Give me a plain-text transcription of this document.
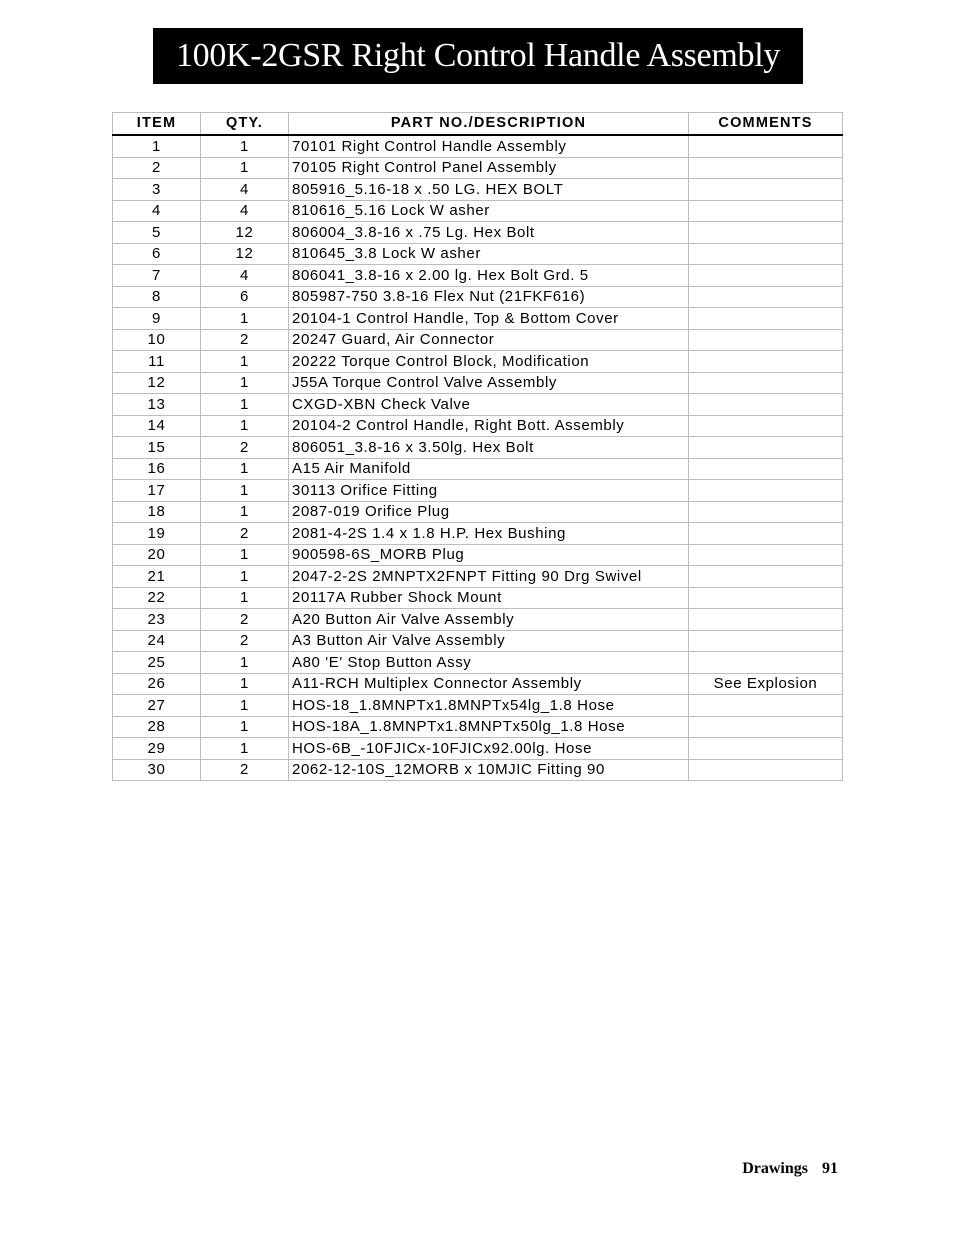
100K-2GSR Right Control Handle Assembly
ITEM	QTY.	PART NO./DESCRIPTION	COMMENTS
1	1	70101 Right Control Handle Assembly	
2	1	70105 Right Control Panel Assembly	
3	4	805916_5.16-18 x .50 LG. HEX BOLT	
4	4	810616_5.16 Lock W asher	
5	12	806004_3.8-16 x .75 Lg. Hex Bolt	
6	12	810645_3.8 Lock W asher	
7	4	806041_3.8-16 x 2.00 lg. Hex Bolt Grd. 5	
8	6	805987-750 3.8-16 Flex Nut (21FKF616)	
9	1	20104-1 Control Handle, Top & Bottom Cover	
10	2	20247 Guard, Air Connector	
11	1	20222 Torque Control Block, Modification	
12	1	J55A Torque Control Valve Assembly	
13	1	CXGD-XBN Check Valve	
14	1	20104-2 Control Handle, Right Bott. Assembly	
15	2	806051_3.8-16 x 3.50lg. Hex Bolt	
16	1	A15 Air Manifold	
17	1	30113 Orifice Fitting	
18	1	2087-019 Orifice Plug	
19	2	2081-4-2S 1.4 x 1.8 H.P. Hex Bushing	
20	1	900598-6S_MORB Plug	
21	1	2047-2-2S 2MNPTX2FNPT Fitting 90 Drg Swivel	
22	1	20117A Rubber Shock Mount	
23	2	A20 Button Air Valve Assembly	
24	2	A3 Button Air Valve Assembly	
25	1	A80 'E' Stop Button Assy	
26	1	A11-RCH Multiplex Connector Assembly	See Explosion
27	1	HOS-18_1.8MNPTx1.8MNPTx54lg_1.8 Hose	
28	1	HOS-18A_1.8MNPTx1.8MNPTx50lg_1.8 Hose	
29	1	HOS-6B_-10FJICx-10FJICx92.00lg. Hose	
30	2	2062-12-10S_12MORB x 10MJIC Fitting 90	
Drawings 91
